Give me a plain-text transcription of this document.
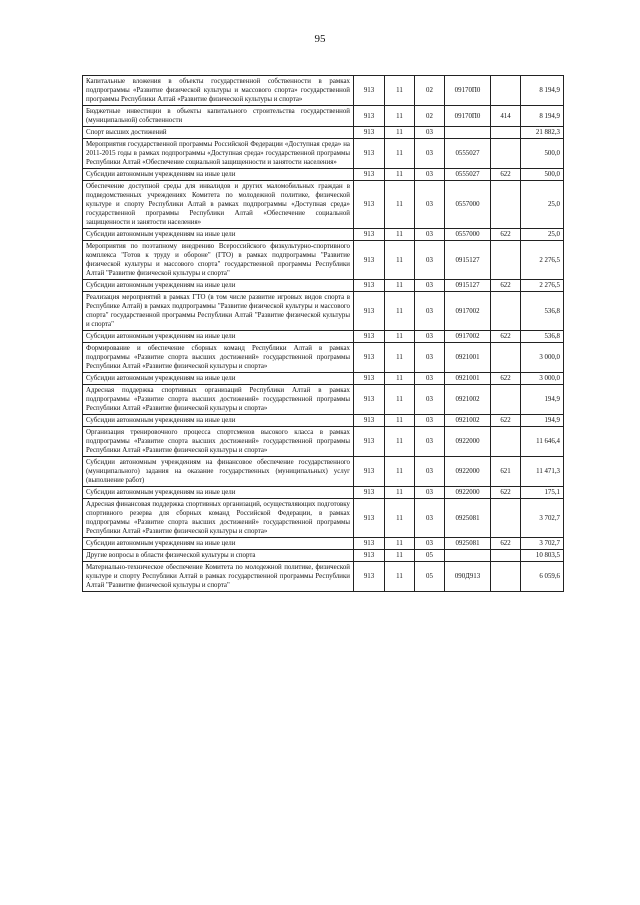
95
Капитальные вложения в объекты государственной собственности в рамках подпрограммы «Развитие физической культуры и массового спорта» государственной программы Республики Алтай «Развитие физической культуры и спорта»	913	11	02	09170П0		8 194,9
Бюджетные инвестиции в объекты капитального строительства государственной (муниципальной) собственности	913	11	02	09170П0	414	8 194,9
Спорт высших достижений	913	11	03			21 882,3
Мероприятия государственной программы Российской Федерации «Доступная среда» на 2011-2015 годы в рамках подпрограммы «Доступная среда» государственной программы Республики Алтай «Обеспечение социальной защищенности и занятости населения»	913	11	03	0555027		500,0
Субсидии автономным учреждениям на иные цели	913	11	03	0555027	622	500,0
Обеспечение доступной среды для инвалидов и других маломобильных граждан в подведомственных учреждениях Комитета по молодежной политике, физической культуре и спорту Республики Алтай в рамках подпрограммы «Доступная среда» государственной программы Республики Алтай «Обеспечение социальной защищенности и занятости населения»	913	11	03	0557000		25,0
Субсидии автономным учреждениям на иные цели	913	11	03	0557000	622	25,0
Мероприятия по поэтапному внедрению Всероссийского физкультурно-спортивного комплекса "Готов к труду и обороне" (ГТО) в рамках подпрограммы "Развитие физической культуры и массового спорта" государственной программы Республики Алтай "Развитие физической культуры и спорта"	913	11	03	0915127		2 276,5
Субсидии автономным учреждениям на иные цели	913	11	03	0915127	622	2 276,5
Реализация мероприятий в рамках ГТО (в том числе развитие игровых видов спорта в Республике Алтай) в рамках подпрограммы "Развитие физической культуры и массового спорта" государственной программы Республики Алтай "Развитие физической культуры и спорта"	913	11	03	0917002		536,8
Субсидии автономным учреждениям на иные цели	913	11	03	0917002	622	536,8
Формирование и обеспечение сборных команд Республики Алтай в рамках подпрограммы «Развитие спорта высших достижений» государственной программы Республики Алтай «Развитие физической культуры и спорта»	913	11	03	0921001		3 000,0
Субсидии автономным учреждениям на иные цели	913	11	03	0921001	622	3 000,0
Адресная поддержка спортивных организаций Республики Алтай в рамках подпрограммы «Развитие спорта высших достижений» государственной программы Республики Алтай «Развитие физической культуры и спорта»	913	11	03	0921002		194,9
Субсидии автономным учреждениям на иные цели	913	11	03	0921002	622	194,9
Организация тренировочного процесса спортсменов высокого класса в рамках подпрограммы «Развитие спорта высших достижений» государственной программы Республики Алтай «Развитие физической культуры и спорта»	913	11	03	0922000		11 646,4
Субсидии автономным учреждениям на финансовое обеспечение государственного (муниципального) задания на оказание государственных (муниципальных) услуг (выполнение работ)	913	11	03	0922000	621	11 471,3
Субсидии автономным учреждениям на иные цели	913	11	03	0922000	622	175,1
Адресная финансовая поддержка спортивных организаций, осуществляющих подготовку спортивного резерва для сборных команд Российской Федерации, в рамках подпрограммы «Развитие спорта высших достижений» государственной программы Республики Алтай «Развитие физической культуры и спорта»	913	11	03	0925081		3 702,7
Субсидии автономным учреждениям на иные цели	913	11	03	0925081	622	3 702,7
Другие вопросы в области физической культуры и спорта	913	11	05			10 803,5
Материально-техническое обеспечение Комитета по молодежной политике, физической культуре и спорту Республики Алтай в рамках государственной программы Республики Алтай "Развитие физической культуры и спорта"	913	11	05	090Д913		6 059,6
